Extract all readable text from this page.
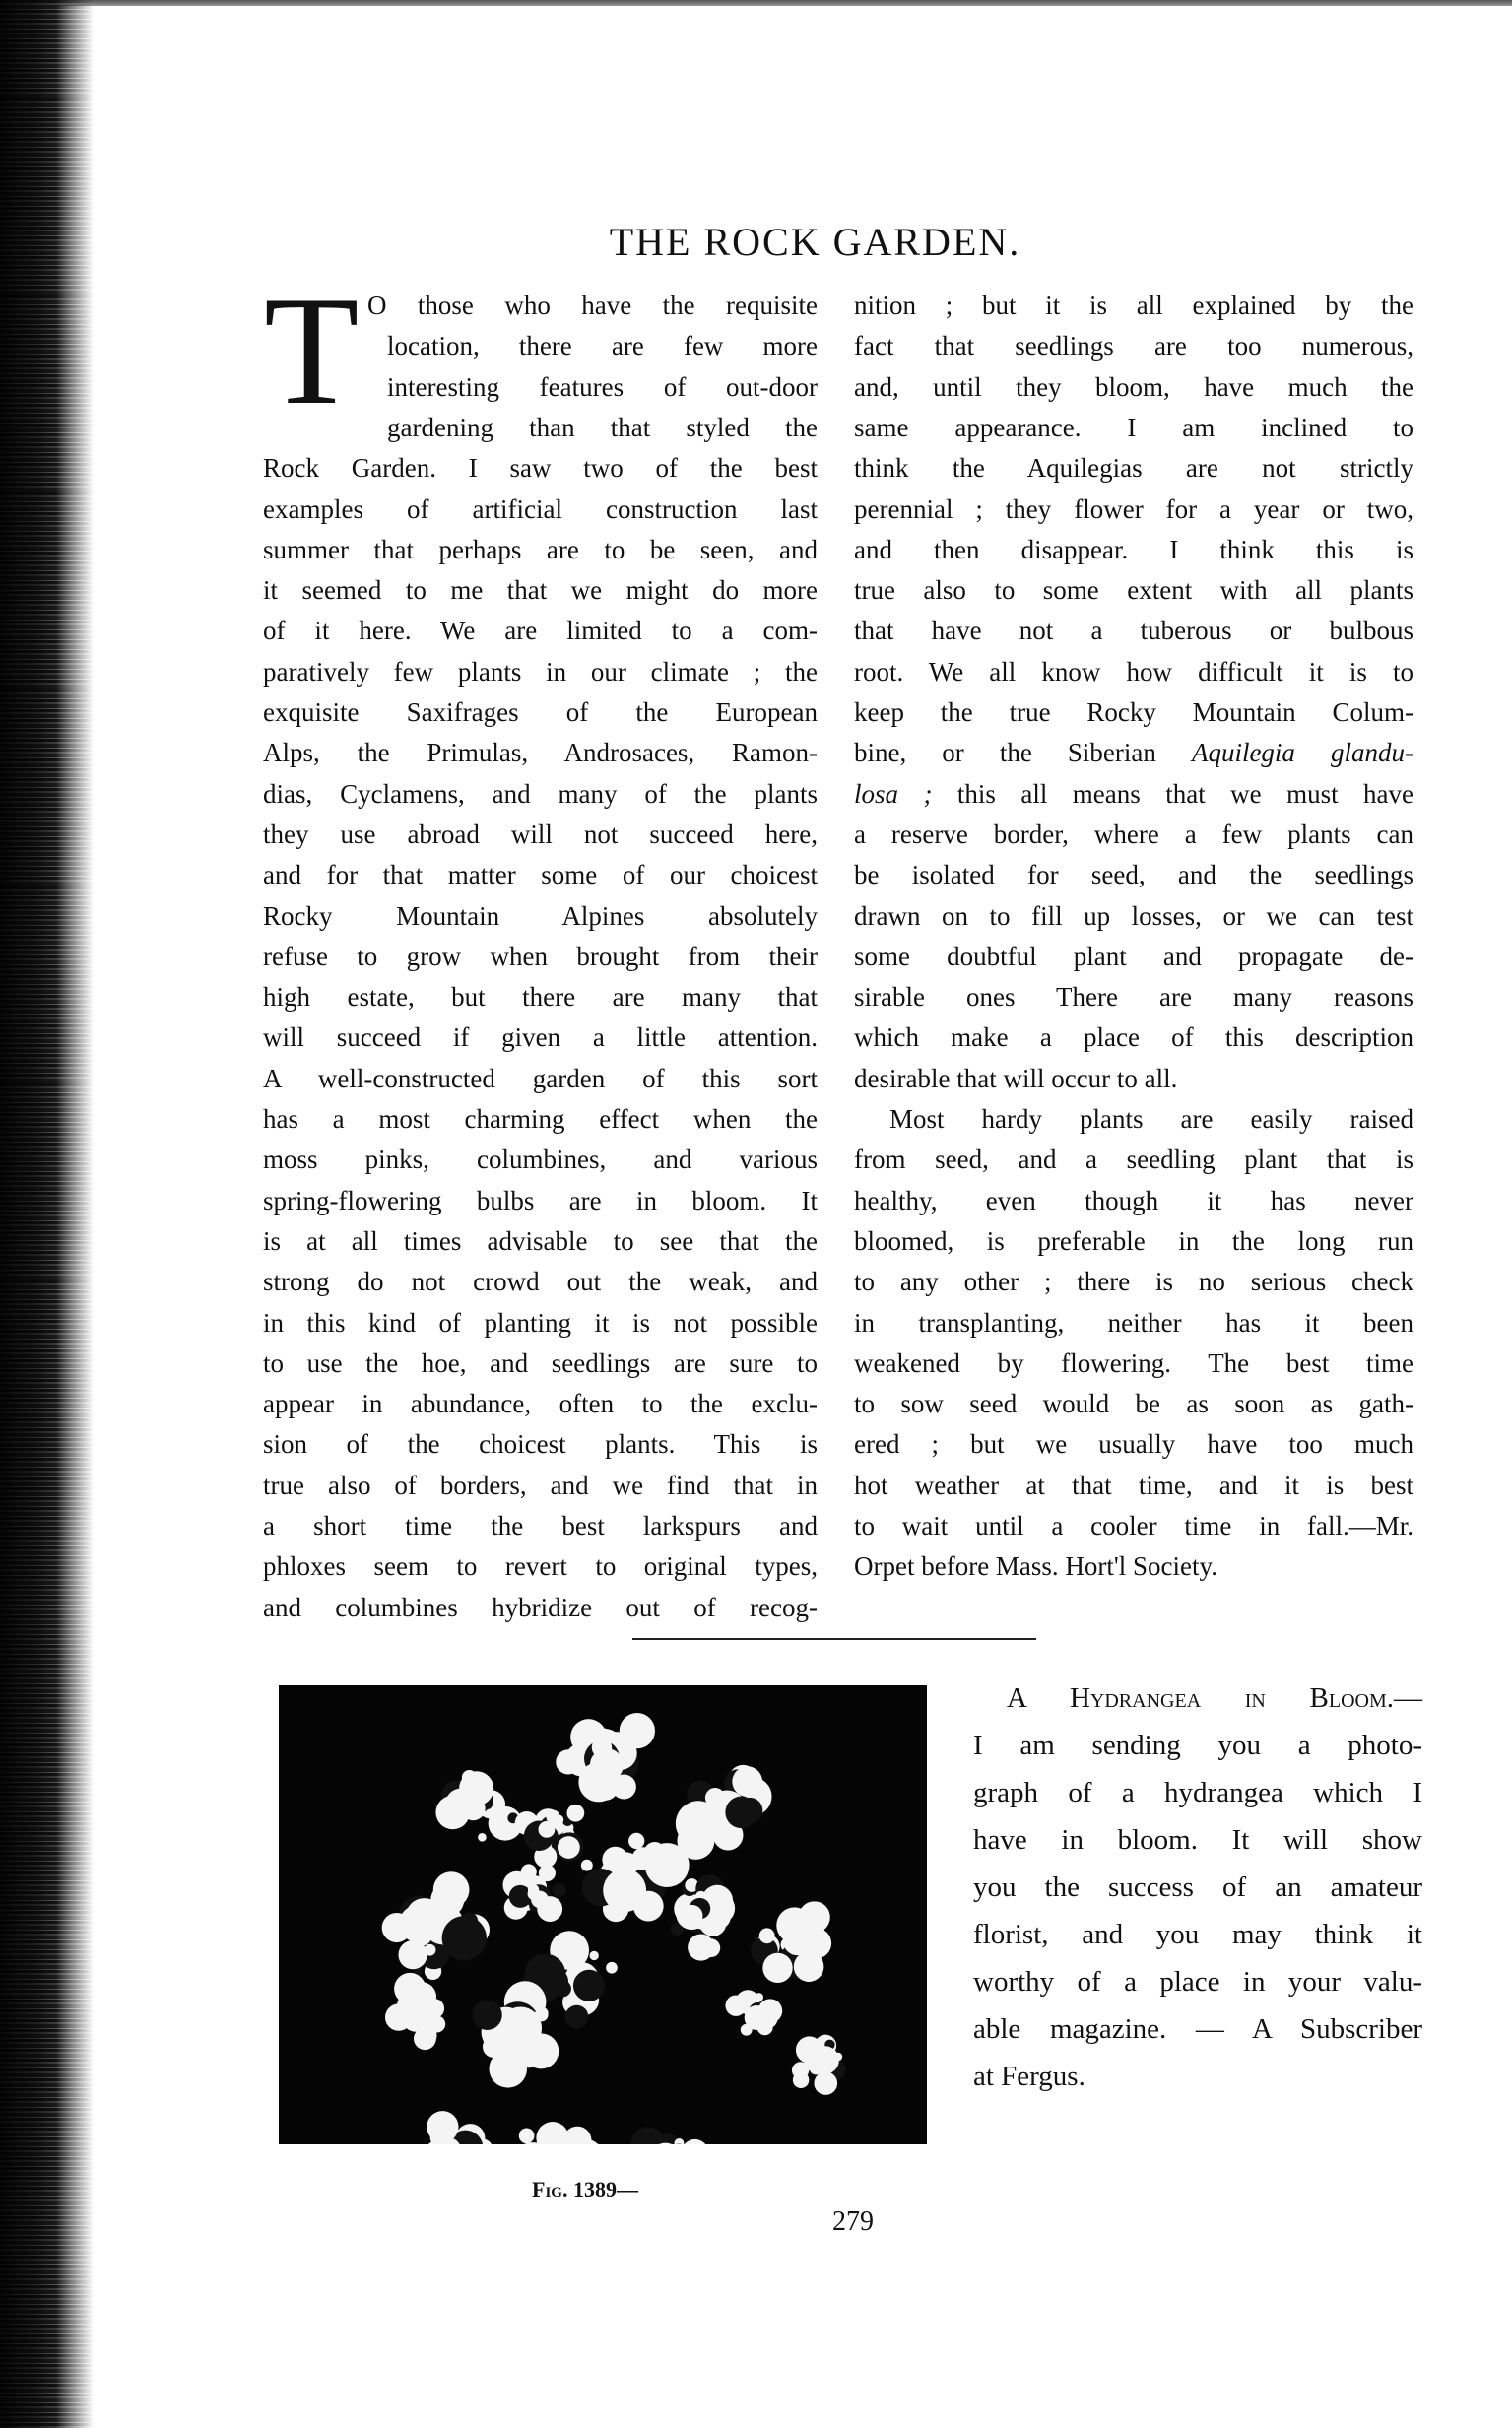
THE ROCK GARDEN.
T O those who have the requisite
location, there are few more
interesting features of out-door
gardening than that styled the
Rock Garden. I saw two of the best
examples of artificial construction last
summer that perhaps are to be seen, and
it seemed to me that we might do more
of it here. We are limited to a com-
paratively few plants in our climate ; the
exquisite Saxifrages of the European
Alps, the Primulas, Androsaces, Ramon-
dias, Cyclamens, and many of the plants
they use abroad will not succeed here,
and for that matter some of our choicest
Rocky Mountain Alpines absolutely
refuse to grow when brought from their
high estate, but there are many that
will succeed if given a little attention.
A well-constructed garden of this sort
has a most charming effect when the
moss pinks, columbines, and various
spring-flowering bulbs are in bloom. It
is at all times advisable to see that the
strong do not crowd out the weak, and
in this kind of planting it is not possible
to use the hoe, and seedlings are sure to
appear in abundance, often to the exclu-
sion of the choicest plants. This is
true also of borders, and we find that in
a short time the best larkspurs and
phloxes seem to revert to original types,
and columbines hybridize out of recog-
nition ; but it is all explained by the
fact that seedlings are too numerous,
and, until they bloom, have much the
same appearance. I am inclined to
think the Aquilegias are not strictly
perennial ; they flower for a year or two,
and then disappear. I think this is
true also to some extent with all plants
that have not a tuberous or bulbous
root. We all know how difficult it is to
keep the true Rocky Mountain Colum-
bine, or the Siberian Aquilegia glandu-
losa ; this all means that we must have
a reserve border, where a few plants can
be isolated for seed, and the seedlings
drawn on to fill up losses, or we can test
some doubtful plant and propagate de-
sirable ones There are many reasons
which make a place of this description
desirable that will occur to all.
Most hardy plants are easily raised
from seed, and a seedling plant that is
healthy, even though it has never
bloomed, is preferable in the long run
to any other ; there is no serious check
in transplanting, neither has it been
weakened by flowering. The best time
to sow seed would be as soon as gath-
ered ; but we usually have too much
hot weather at that time, and it is best
to wait until a cooler time in fall.—Mr.
Orpet before Mass. Hort'l Society.
A Hydrangea in Bloom.—
I am sending you a photo-
graph of a hydrangea which I
have in bloom. It will show
you the success of an amateur
florist, and you may think it
worthy of a place in your valu-
able magazine. — A Subscriber
at Fergus.
Fig. 1389—
279
